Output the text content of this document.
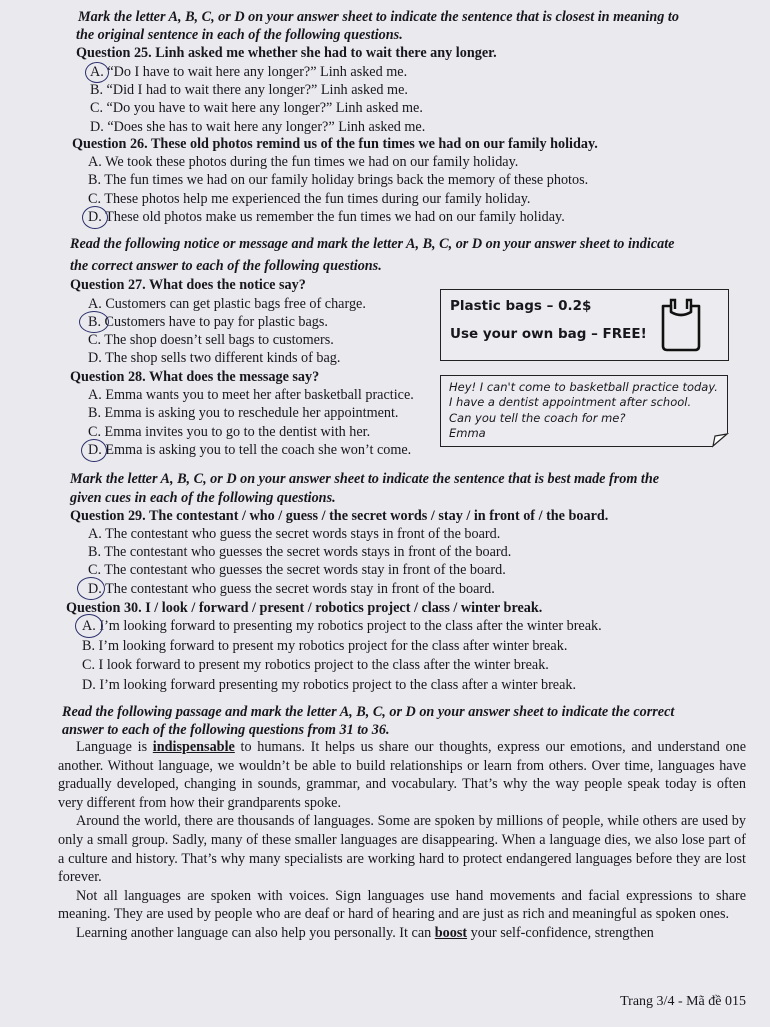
Mark the letter A, B, C, or D on your answer sheet to indicate the sentence that is closest in meaning to
the original sentence in each of the following questions.
Question 25. Linh asked me whether she had to wait there any longer.
A. “Do I have to wait here any longer?” Linh asked me.
B. “Did I had to wait there any longer?” Linh asked me.
C. “Do you have to wait here any longer?” Linh asked me.
D. “Does she has to wait here any longer?” Linh asked me.
Question 26. These old photos remind us of the fun times we had on our family holiday.
A. We took these photos during the fun times we had on our family holiday.
B. The fun times we had on our family holiday brings back the memory of these photos.
C. These photos help me experienced the fun times during our family holiday.
D. These old photos make us remember the fun times we had on our family holiday.
Read the following notice or message and mark the letter A, B, C, or D on your answer sheet to indicate
the correct answer to each of the following questions.
Question 27. What does the notice say?
A. Customers can get plastic bags free of charge.
B. Customers have to pay for plastic bags.
C. The shop doesn’t sell bags to customers.
D. The shop sells two different kinds of bag.
Plastic bags – 0.2$
Use your own bag – FREE!
Question 28. What does the message say?
A. Emma wants you to meet her after basketball practice.
B. Emma is asking you to reschedule her appointment.
C. Emma invites you to go to the dentist with her.
D. Emma is asking you to tell the coach she won’t come.
Hey! I can't come to basketball practice today.
I have a dentist appointment after school.
Can you tell the coach for me?
Emma
Mark the letter A, B, C, or D on your answer sheet to indicate the sentence that is best made from the
given cues in each of the following questions.
Question 29. The contestant / who / guess / the secret words / stay / in front of / the board.
A. The contestant who guess the secret words stays in front of the board.
B. The contestant who guesses the secret words stays in front of the board.
C. The contestant who guesses the secret words stay in front of the board.
D. The contestant who guess the secret words stay in front of the board.
Question 30. I / look / forward / present / robotics project / class / winter break.
A. I’m looking forward to presenting my robotics project to the class after the winter break.
B. I’m looking forward to present my robotics project for the class after winter break.
C. I look forward to present my robotics project to the class after the winter break.
D. I’m looking forward presenting my robotics project to the class after a winter break.
Read the following passage and mark the letter A, B, C, or D on your answer sheet to indicate the correct
answer to each of the following questions from 31 to 36.

Language is indispensable to humans. It helps us share our thoughts, express our emotions, and understand one another. Without language, we wouldn’t be able to build relationships or learn from others. Over time, languages have gradually developed, changing in sounds, grammar, and vocabulary. That’s why the way people speak today is often very different from how their grandparents spoke.

Around the world, there are thousands of languages. Some are spoken by millions of people, while others are used by only a small group. Sadly, many of these smaller languages are disappearing. When a language dies, we also lose part of a culture and history. That’s why many specialists are working hard to protect endangered languages before they are lost forever.

Not all languages are spoken with voices. Sign languages use hand movements and facial expressions to share meaning. They are used by people who are deaf or hard of hearing and are just as rich and meaningful as spoken ones.

Learning another language can also help you personally. It can boost your self-confidence, strengthen

Trang 3/4 - Mã đề 015
